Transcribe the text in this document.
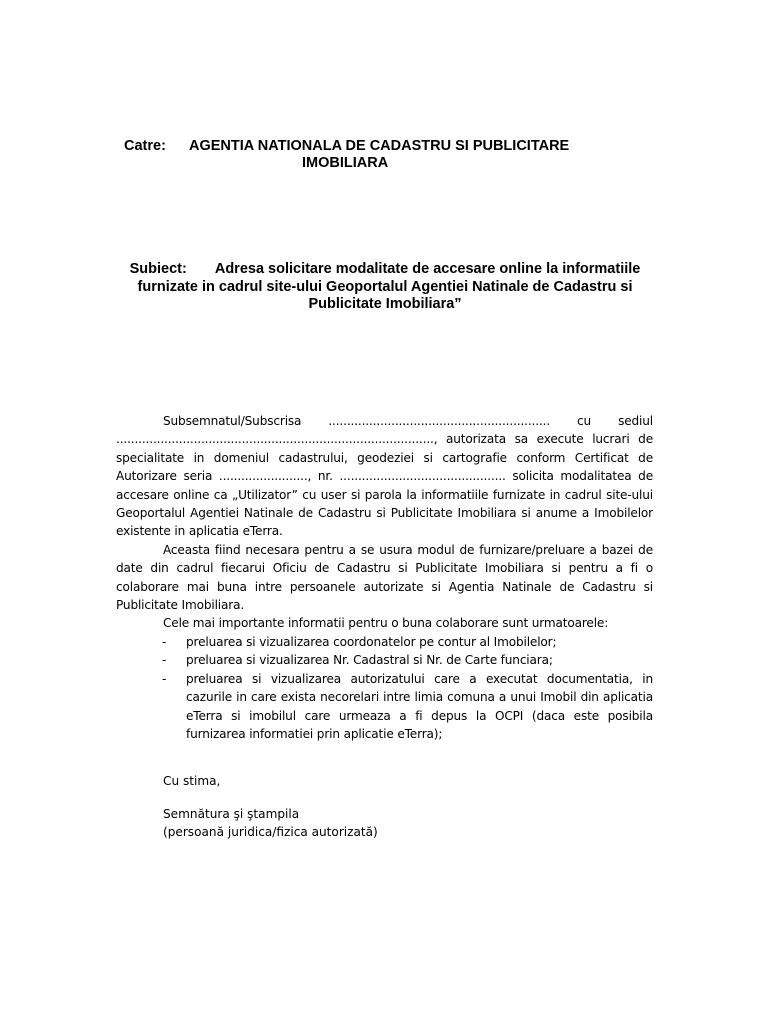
Catre: AGENTIA NATIONALA DE CADASTRU SI PUBLICITARE
IMOBILIARA
Subiect: Adresa solicitare modalitate de accesare online la informatiile furnizate in cadrul site-ului Geoportalul Agentiei Natinale de Cadastru si Publicitate Imobiliara”

Subsemnatul/Subscrisa ............................................................ cu sediul ......................................................................................, autorizata sa execute lucrari de specialitate in domeniul cadastrului, geodeziei si cartografie conform Certificat de Autorizare seria ........................, nr. ............................................. solicita modalitatea de accesare online ca „Utilizator” cu user si parola la informatiile furnizate in cadrul site-ului Geoportalul Agentiei Natinale de Cadastru si Publicitate Imobiliara si anume a Imobilelor existente in aplicatia eTerra.

Aceasta fiind necesara pentru a se usura modul de furnizare/preluare a bazei de date din cadrul fiecarui Oficiu de Cadastru si Publicitate Imobiliara si pentru a fi o colaborare mai buna intre persoanele autorizate si Agentia Natinale de Cadastru si Publicitate Imobiliara.

Cele mai importante informatii pentru o buna colaborare sunt urmatoarele:
- preluarea si vizualizarea coordonatelor pe contur al Imobilelor;
- preluarea si vizualizarea Nr. Cadastral si Nr. de Carte funciara;
- preluarea si vizualizarea autorizatului care a executat documentatia, in cazurile in care exista necorelari intre limia comuna a unui Imobil din aplicatia eTerra si imobilul care urmeaza a fi depus la OCPI (daca este posibila furnizarea informatiei prin aplicatie eTerra);
Cu stima,
Semnătura şi ştampila
(persoană juridica/fizica autorizată)
